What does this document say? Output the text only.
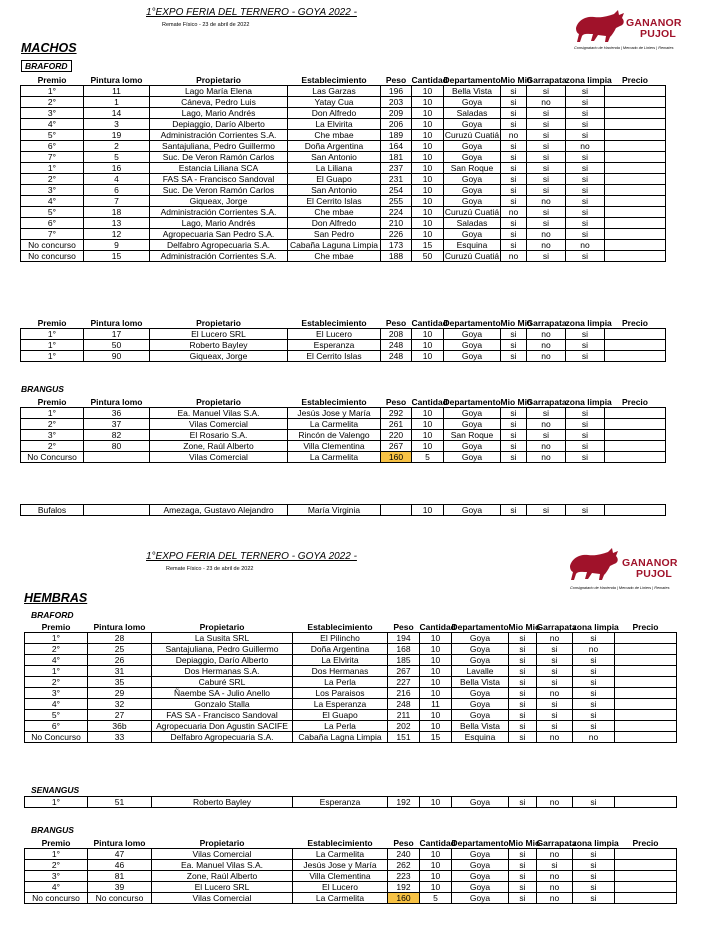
1°EXPO FERIA DEL TERNERO - GOYA 2022 -
Remate Físico - 23 de abril de 2022	GANANOR
PUJOL
Consignatario de Hacienda | Mercado de Liniers | Remates
MACHOS
BRAFORD
Premio	Pintura lomo	Propietario	Establecimiento	Peso	Cantidad	Departamento	Mio Mio	Garrapata	zona limpia	Precio
1°	11	Lago María Elena	Las Garzas	196	10	Bella Vista	si	si	si	
2°	1	Cáneva, Pedro Luis	Yatay Cua	203	10	Goya	si	no	si	
3°	14	Lago, Mario Andrés	Don Alfredo	209	10	Saladas	si	si	si	
4°	3	Depiaggio, Darío Alberto	La Elvirita	206	10	Goya	si	si	si	
5°	19	Administración Corrientes S.A.	Che mbae	189	10	Curuzú Cuatiá	no	si	si	
6°	2	Santajuliana, Pedro Guillermo	Doña Argentina	164	10	Goya	si	si	no	
7°	5	Suc. De Veron Ramón Carlos	San Antonio	181	10	Goya	si	si	si	
1°	16	Estancia Liliana SCA	La Liliana	237	10	San Roque	si	si	si	
2°	4	FAS SA - Francisco Sandoval	El Guapo	231	10	Goya	si	si	si	
3°	6	Suc. De Veron Ramón Carlos	San Antonio	254	10	Goya	si	si	si	
4°	7	Giqueax, Jorge	El Cerrito Islas	255	10	Goya	si	no	si	
5°	18	Administración Corrientes S.A.	Che mbae	224	10	Curuzú Cuatiá	no	si	si	
6°	13	Lago, Mario Andrés	Don Alfredo	210	10	Saladas	si	si	si	
7°	12	Agropecuaria San Pedro S.A.	San Pedro	226	10	Goya	si	no	si	
No concurso	9	Delfabro Agropecuaria S.A.	Cabaña Laguna Limpia	173	15	Esquina	si	no	no	
No concurso	15	Administración Corrientes S.A.	Che mbae	188	50	Curuzú Cuatiá	no	si	si	
Premio	Pintura lomo	Propietario	Establecimiento	Peso	Cantidad	Departamento	Mio Mio	Garrapata	zona limpia	Precio
1°	17	El Lucero SRL	El Lucero	208	10	Goya	si	no	si	
1°	50	Roberto Bayley	Esperanza	248	10	Goya	si	no	si	
1°	90	Giqueax, Jorge	El Cerrito Islas	248	10	Goya	si	no	si	
BRANGUS
Premio	Pintura lomo	Propietario	Establecimiento	Peso	Cantidad	Departamento	Mio Mio	Garrapata	zona limpia	Precio
1°	36	Ea. Manuel Vilas S.A.	Jesús Jose y María	292	10	Goya	si	si	si	
2°	37	Vilas Comercial	La Carmelita	261	10	Goya	si	no	si	
3°	82	El Rosario S.A.	Rincón de Valengo	220	10	San Roque	si	si	si	
2°	80	Zone, Raúl Alberto	Villa Clementina	267	10	Goya	si	no	si	
No Concurso		Vilas Comercial	La Carmelita	160	5	Goya	si	no	si	
Bufalos		Amezaga, Gustavo Alejandro	María Virginia		10	Goya	si	si	si	
1°EXPO FERIA DEL TERNERO - GOYA 2022 -
Remate Físico - 23 de abril de 2022	GANANOR
PUJOL
Consignatario de Hacienda | Mercado de Liniers | Remates
HEMBRAS
BRAFORD
Premio	Pintura lomo	Propietario	Establecimiento	Peso	Cantidad	Departamento	Mio Mio	Garrapata	zona limpia	Precio
1°	28	La Susita SRL	El Pilincho	194	10	Goya	si	no	si	
2°	25	Santajuliana, Pedro Guillermo	Doña Argentina	168	10	Goya	si	si	no	
4°	26	Depiaggio, Darío Alberto	La Elvirita	185	10	Goya	si	si	si	
1°	31	Dos Hermanas S.A.	Dos Hermanas	267	10	Lavalle	si	si	si	
2°	35	Caburé SRL	La Perla	227	10	Bella Vista	si	si	si	
3°	29	Ñaembe SA - Julio Anello	Los Paraisos	216	10	Goya	si	no	si	
4°	32	Gonzalo Stalla	La Esperanza	248	11	Goya	si	si	si	
5°	27	FAS SA - Francisco Sandoval	El Guapo	211	10	Goya	si	si	si	
6°	36b	Agropecuaria Don Agustin SACIFE	La Perla	202	10	Bella Vista	si	si	si	
No Concurso	33	Delfabro Agropecuaria S.A.	Cabaña Lagna Limpia	151	15	Esquina	si	no	no	
SENANGUS
1°	51	Roberto Bayley	Esperanza	192	10	Goya	si	no	si	
BRANGUS
Premio	Pintura lomo	Propietario	Establecimiento	Peso	Cantidad	Departamento	Mio Mio	Garrapata	zona limpia	Precio
1°	47	Vilas Comercial	La Carmelita	240	10	Goya	si	no	si	
2°	46	Ea. Manuel Vilas S.A.	Jesús Jose y María	262	10	Goya	si	si	si	
3°	81	Zone, Raúl Alberto	Villa Clementina	223	10	Goya	si	no	si	
4°	39	El Lucero SRL	El Lucero	192	10	Goya	si	no	si	
No concurso	No concurso	Vilas Comercial	La Carmelita	160	5	Goya	si	no	si	
